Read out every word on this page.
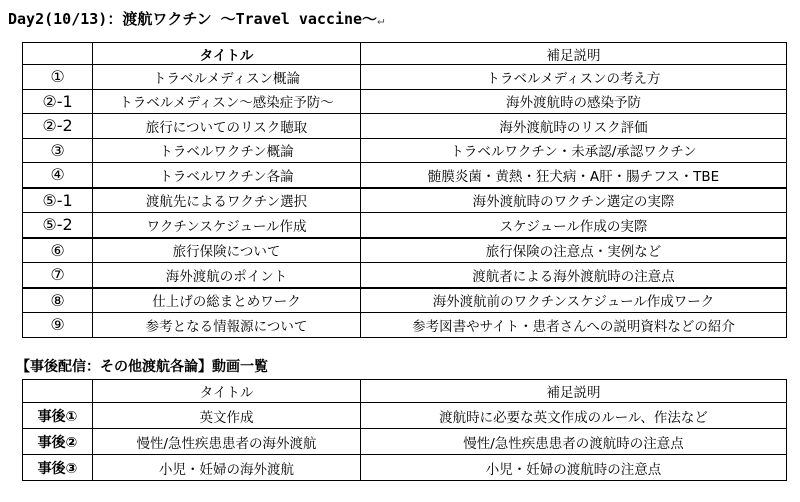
Day2(10/13)：渡航ワクチン ～Travel vaccine～↵
	タイトル	補足説明
①	トラベルメディスン概論	トラベルメディスンの考え方
②-1	トラベルメディスン～感染症予防～	海外渡航時の感染予防
②-2	旅行についてのリスク聴取	海外渡航時のリスク評価
③	トラベルワクチン概論	トラベルワクチン・未承認/承認ワクチン
④	トラベルワクチン各論	髄膜炎菌・黄熱・狂犬病・A肝・腸チフス・TBE
⑤-1	渡航先によるワクチン選択	海外渡航時のワクチン選定の実際
⑤-2	ワクチンスケジュール作成	スケジュール作成の実際
⑥	旅行保険について	旅行保険の注意点・実例など
⑦	海外渡航のポイント	渡航者による海外渡航時の注意点
⑧	仕上げの総まとめワーク	海外渡航前のワクチンスケジュール作成ワーク
⑨	参考となる情報源について	参考図書やサイト・患者さんへの説明資料などの紹介
【事後配信：その他渡航各論】動画一覧
	タイトル	補足説明
事後①	英文作成	渡航時に必要な英文作成のルール、作法など
事後②	慢性/急性疾患患者の海外渡航	慢性/急性疾患患者の渡航時の注意点
事後③	小児・妊婦の海外渡航	小児・妊婦の渡航時の注意点
